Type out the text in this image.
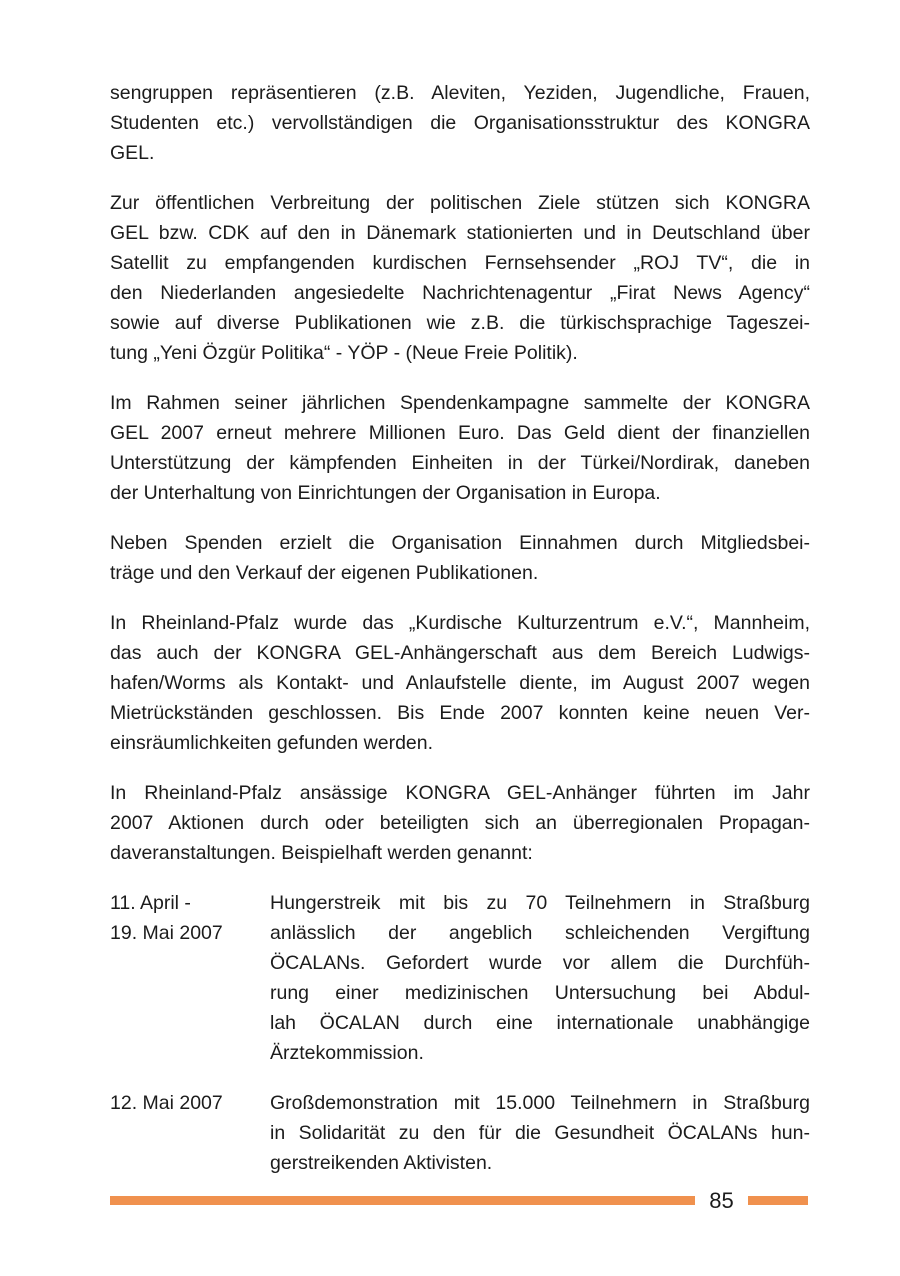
sengruppen repräsentieren (z.B. Aleviten, Yeziden, Jugendliche, Frauen,
Studenten etc.) vervollständigen die Organisationsstruktur des KONGRA
GEL.
Zur öffentlichen Verbreitung der politischen Ziele stützen sich KONGRA
GEL bzw. CDK auf den in Dänemark stationierten und in Deutschland über
Satellit zu empfangenden kurdischen Fernsehsender „ROJ TV“, die in
den Niederlanden angesiedelte Nachrichtenagentur „Firat News Agency“
sowie auf diverse Publikationen wie z.B. die türkischsprachige Tageszei-
tung „Yeni Özgür Politika“ - YÖP - (Neue Freie Politik).
Im Rahmen seiner jährlichen Spendenkampagne sammelte der KONGRA
GEL 2007 erneut mehrere Millionen Euro. Das Geld dient der finanziellen
Unterstützung der kämpfenden Einheiten in der Türkei/Nordirak, daneben
der Unterhaltung von Einrichtungen der Organisation in Europa.
Neben Spenden erzielt die Organisation Einnahmen durch Mitgliedsbei-
träge und den Verkauf der eigenen Publikationen.
In Rheinland-Pfalz wurde das „Kurdische Kulturzentrum e.V.“, Mannheim,
das auch der KONGRA GEL-Anhängerschaft aus dem Bereich Ludwigs-
hafen/Worms als Kontakt- und Anlaufstelle diente, im August 2007 wegen
Mietrückständen geschlossen. Bis Ende 2007 konnten keine neuen Ver-
einsräumlichkeiten gefunden werden.
In Rheinland-Pfalz ansässige KONGRA GEL-Anhänger führten im Jahr
2007 Aktionen durch oder beteiligten sich an überregionalen Propagan-
daveranstaltungen. Beispielhaft werden genannt:
11. April -
19. Mai 2007
Hungerstreik mit bis zu 70 Teilnehmern in Straßburg
anlässlich der angeblich schleichenden Vergiftung
ÖCALANs. Gefordert wurde vor allem die Durchfüh-
rung einer medizinischen Untersuchung bei Abdul-
lah ÖCALAN durch eine internationale unabhängige
Ärztekommission.
12. Mai 2007	Großdemonstration mit 15.000 Teilnehmern in Straßburg
in Solidarität zu den für die Gesundheit ÖCALANs hun-
gerstreikenden Aktivisten.
85
